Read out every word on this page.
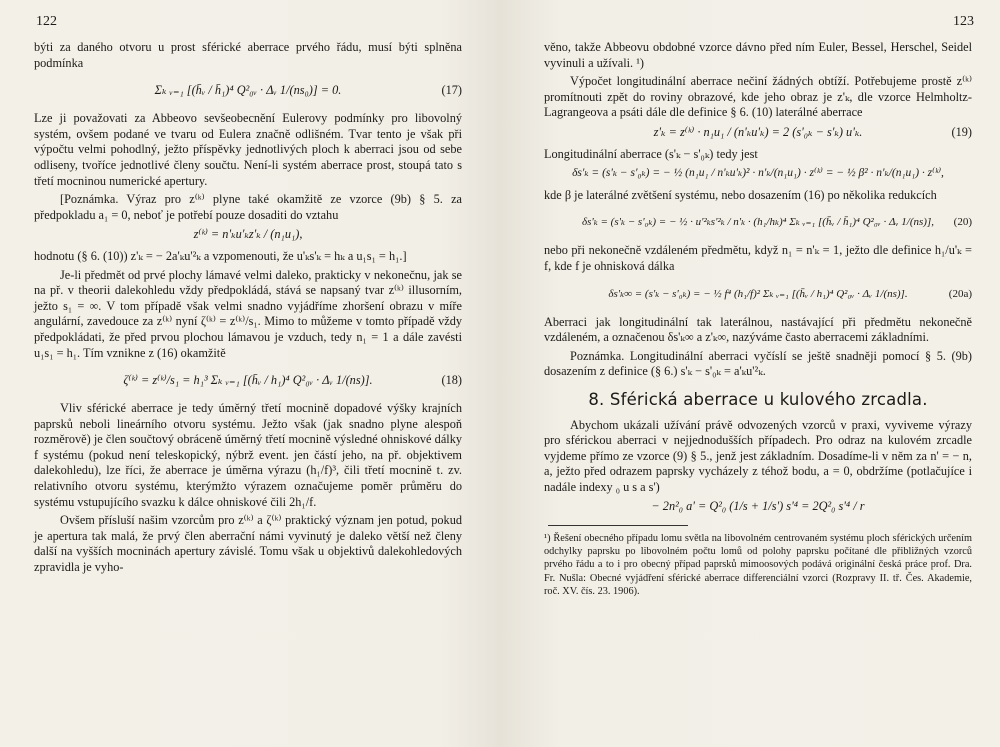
122

býti za daného otvoru u prost sférické aberrace prvého řádu, musí býti splněna podmínka

Σₖ ᵥ₌₁ [(h̄ᵥ / h̄₁)⁴ Q²₀ᵥ · Δᵥ 1/(ns₀)] = 0.	(17)

Lze ji považovati za Abbeovo sevšeobecnění Eulerovy podmínky pro libovolný systém, ovšem podané ve tvaru od Eulera značně odlišném. Tvar tento je však při výpočtu velmi pohodlný, ježto příspěvky jednotlivých ploch k aberraci jsou od sebe odliseny, tvoříce jednotlivé členy součtu. Není-li systém aberrace prost, stoupá tato s třetí mocninou numerické apertury.

[Poznámka. Výraz pro z⁽ᵏ⁾ plyne také okamžitě ze vzorce (9b) § 5. za předpokladu a₁ = 0, neboť je potřebí pouze dosaditi do vztahu

z⁽ᵏ⁾ = n'ₖu'ₖz'ₖ / (n₁u₁),

hodnotu (§ 6. (10)) z'ₖ = − 2a'ₖu'²ₖ a vzpomenouti, že u'ₖs'ₖ = hₖ a u₁s₁ = h₁.]

Je-li předmět od prvé plochy lámavé velmi daleko, prakticky v nekonečnu, jak se na př. v theorii dalekohledu vždy předpokládá, stává se napsaný tvar z⁽ᵏ⁾ illusorním, ježto s₁ = ∞. V tom případě však velmi snadno vyjádříme zhoršení obrazu v míře angulární, zavedouce za z⁽ᵏ⁾ nyní ζ⁽ᵏ⁾ = z⁽ᵏ⁾/s₁. Mimo to můžeme v tomto případě vždy předpokládati, že před prvou plochou lámavou je vzduch, tedy n₁ = 1 a dále zavésti u₁s₁ = h₁. Tím vznikne z (16) okamžitě

ζ⁽ᵏ⁾ = z⁽ᵏ⁾/s₁ = h₁³ Σₖ ᵥ₌₁ [(h̄ᵥ / h₁)⁴ Q²₀ᵥ · Δᵥ 1/(ns)].	(18)

Vliv sférické aberrace je tedy úměrný třetí mocnině dopadové výšky krajních paprsků neboli lineárního otvoru systému. Ježto však (jak snadno plyne alespoň rozměrově) je člen součtový obráceně úměrný třetí mocnině výsledné ohniskové dálky f systému (pokud není teleskopický, nýbrž event. jen částí jeho, na př. objektivem dalekohledu), lze říci, že aberrace je úměrna výrazu (h₁/f)³, čili třetí mocnině t. zv. relativního otvoru systému, kterýmžto výrazem označujeme poměr průměru do systému vstupujícího svazku k dálce ohniskové čili 2h₁/f.

Ovšem přísluší našim vzorcům pro z⁽ᵏ⁾ a ζ⁽ᵏ⁾ praktický význam jen potud, pokud je apertura tak malá, že prvý člen aberrační námi vyvinutý je daleko větší než členy další na vyšších mocninách apertury závislé. Tomu však u objektivů dalekohledových zpravidla je vyho-

123

věno, takže Abbeovu obdobné vzorce dávno před ním Euler, Bessel, Herschel, Seidel vyvinuli a užívali. ¹)

Výpočet longitudinální aberrace nečiní žádných obtíží. Potřebujeme prostě z⁽ᵏ⁾ promítnouti zpět do roviny obrazové, kde jeho obraz je z'ₖ, dle vzorce Helmholtz-Lagrangeova a psáti dále dle definice § 6. (10) laterálné aberrace

z'ₖ = z⁽ᵏ⁾ · n₁u₁ / (n'ₖu'ₖ) = 2 (s'₀ₖ − s'ₖ) u'ₖ.	(19)

Longitudinální aberrace (s'ₖ − s'₀ₖ) tedy jest

δs'ₖ = (s'ₖ − s'₀ₖ) = − ½ (n₁u₁ / n'ₖu'ₖ)² · n'ₖ/(n₁u₁) · z⁽ᵏ⁾ = − ½ β² · n'ₖ/(n₁u₁) · z⁽ᵏ⁾,

kde β je laterálné zvětšení systému, nebo dosazením (16) po několika redukcích

δs'ₖ = (s'ₖ − s'₀ₖ) = − ½ · u'²ₖs'²ₖ / n'ₖ · (h₁/hₖ)⁴ Σₖ ᵥ₌₁ [(h̄ᵥ / h̄₁)⁴ Q²₀ᵥ · Δᵥ 1/(ns)], (20)

nebo při nekonečně vzdáleném předmětu, když n₁ = n'ₖ = 1, ježto dle definice h₁/u'ₖ = f, kde f je ohnisková dálka

δs'ₖ∞ = (s'ₖ − s'₀ₖ) = − ½ f⁴ (h₁/f)² Σₖ ᵥ₌₁ [(h̄ᵥ / h₁)⁴ Q²₀ᵥ · Δᵥ 1/(ns)].	(20a)

Aberraci jak longitudinální tak laterálnou, nastávající při předmětu nekonečně vzdáleném, a označenou δs'ₖ∞ a z'ₖ∞, nazýváme často aberracemi základními.

Poznámka. Longitudinální aberraci vyčíslí se ještě snadněji pomocí § 5. (9b) dosazením z definice (§ 6.) s'ₖ − s'₀ₖ = a'ₖu'²ₖ.

8. Sférická aberrace u kulového zrcadla.

Abychom ukázali užívání právě odvozených vzorců v praxi, vyviveme výrazy pro sférickou aberraci v nejjednodušších případech. Pro odraz na kulovém zrcadle vyjdeme přímo ze vzorce (9) § 5., jenž jest základním. Dosadíme-li v něm za n' = − n, a, ježto před odrazem paprsky vycházely z téhož bodu, a = 0, obdržíme (potlačujíce i nadále indexy ₀ u s a s')

− 2n²₀ a' = Q²₀ (1/s + 1/s') s'⁴ = 2Q²₀ s'⁴ / r

¹) Řešení obecného případu lomu světla na libovolném centrovaném systému ploch sférických určením odchylky paprsku po libovolném počtu lomů od polohy paprsku počítané dle přibližných vzorců prvého řádu a to i pro obecný případ paprsků mimoosových podává originální česká práce prof. Dra. Fr. Nušla: Obecné vyjádření sférické aberrace differenciální vzorci (Rozpravy II. tř. Čes. Akademie, roč. XV. čís. 23. 1906).
